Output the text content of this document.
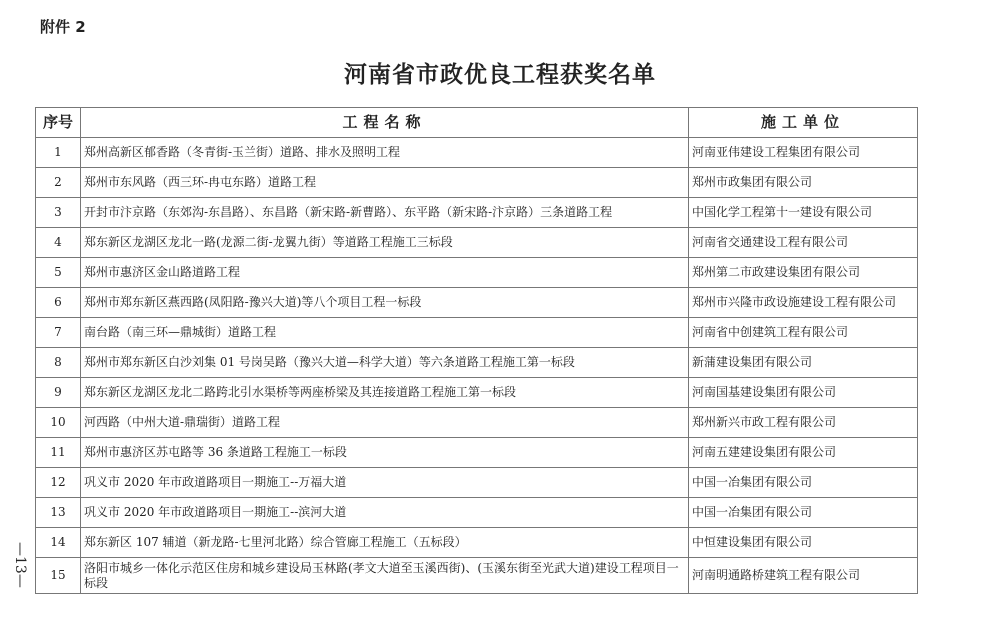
附件 2
河南省市政优良工程获奖名单
—13—
序号	工程名称	施工单位
1	郑州高新区郁香路（冬青街-玉兰街）道路、排水及照明工程	河南亚伟建设工程集团有限公司
2	郑州市东风路（西三环-冉屯东路）道路工程	郑州市政集团有限公司
3	开封市汴京路（东郊沟-东昌路）、东昌路（新宋路-新曹路）、东平路（新宋路-汴京路）三条道路工程	中国化学工程第十一建设有限公司
4	郑东新区龙湖区龙北一路(龙源二街-龙翼九街）等道路工程施工三标段	河南省交通建设工程有限公司
5	郑州市惠济区金山路道路工程	郑州第二市政建设集团有限公司
6	郑州市郑东新区燕西路(凤阳路-豫兴大道)等八个项目工程一标段	郑州市兴隆市政设施建设工程有限公司
7	南台路（南三环—鼎城街）道路工程	河南省中创建筑工程有限公司
8	郑州市郑东新区白沙刘集 01 号岗吴路（豫兴大道—科学大道）等六条道路工程施工第一标段	新蒲建设集团有限公司
9	郑东新区龙湖区龙北二路跨北引水渠桥等两座桥梁及其连接道路工程施工第一标段	河南国基建设集团有限公司
10	河西路（中州大道-鼎瑞街）道路工程	郑州新兴市政工程有限公司
11	郑州市惠济区苏屯路等 36 条道路工程施工一标段	河南五建建设集团有限公司
12	巩义市 2020 年市政道路项目一期施工--万福大道	中国一冶集团有限公司
13	巩义市 2020 年市政道路项目一期施工--滨河大道	中国一冶集团有限公司
14	郑东新区 107 辅道（新龙路-七里河北路）综合管廊工程施工（五标段）	中恒建设集团有限公司
15	洛阳市城乡一体化示范区住房和城乡建设局玉林路(孝文大道至玉溪西街)、(玉溪东街至光武大道)建设工程项目一标段	河南明通路桥建筑工程有限公司
